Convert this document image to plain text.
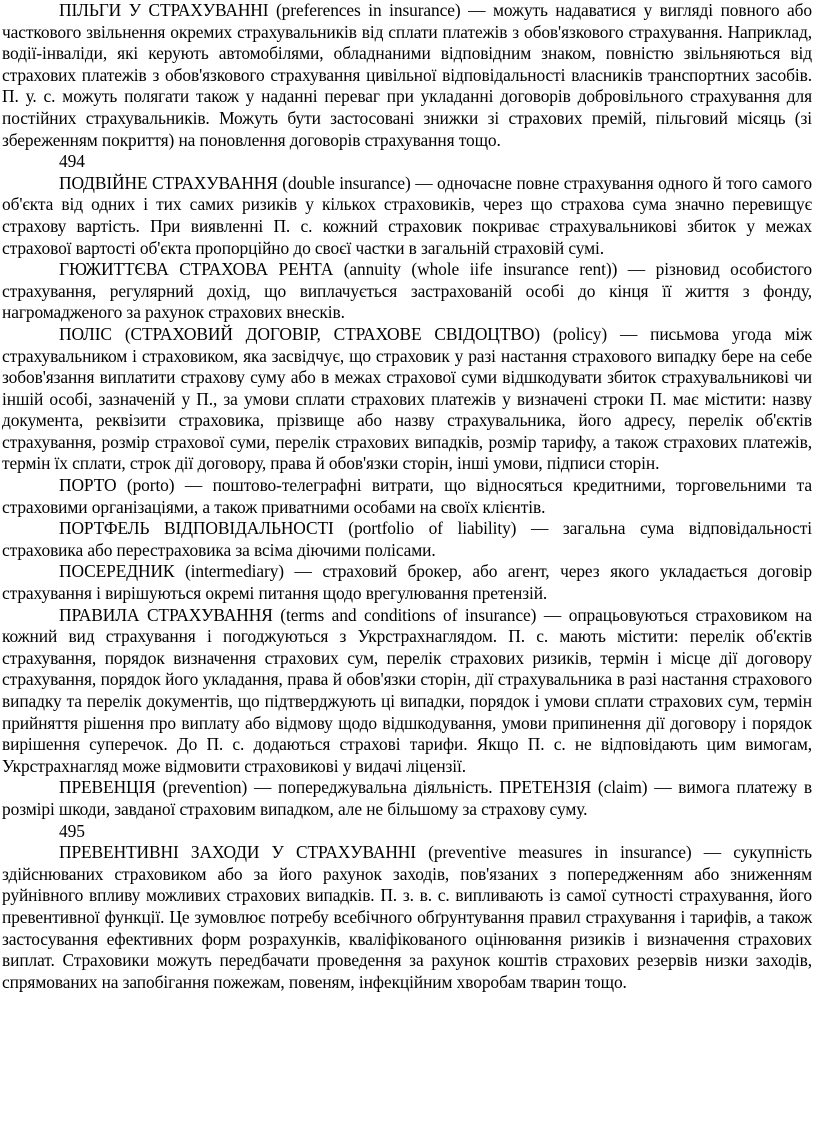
ПІЛЬГИ У СТРАХУВАННІ (preferences in insurance) — можуть надаватися у вигляді повного або часткового звільнення окремих страхувальників від сплати платежів з обов'язкового страхування. Наприклад, водії-інваліди, які керують автомобілями, обладнаними відповідним знаком, повністю звільняються від страхових платежів з обов'язкового страхування цивільної відповідальності власників транспортних засобів. П. у. с. можуть полягати також у наданні переваг при укладанні договорів добровільного страхування для постійних страхувальників. Можуть бути застосовані знижки зі страхових премій, пільговий місяць (зі збереженням покриття) на поновлення договорів страхування тощо.

494

ПОДВІЙНЕ СТРАХУВАННЯ (double insurance) — одночасне повне страхування одного й того самого об'єкта від одних і тих самих ризиків у кількох страховиків, через що страхова сума значно перевищує страхову вартість. При виявленні П. с. кожний страховик покриває страхувальникові збиток у межах страхової вартості об'єкта пропорційно до своєї частки в загальній страховій сумі.

ГЮЖИТТЄВА СТРАХОВА РЕНТА (annuity (whole iife insurance rent)) — різновид особистого страхування, регулярний дохід, що виплачується застрахованій особі до кінця її життя з фонду, нагромадженого за рахунок страхових внесків.

ПОЛІС (СТРАХОВИЙ ДОГОВІР, СТРАХОВЕ СВІДОЦТВО) (policy) — письмова угода між страхувальником і страховиком, яка засвідчує, що страховик у разі настання страхового випадку бере на себе зобов'язання виплатити страхову суму або в межах страхової суми відшкодувати збиток страхувальникові чи іншій особі, зазначеній у П., за умови сплати страхових платежів у визначені строки П. має містити: назву документа, реквізити страховика, прізвище або назву страхувальника, його адресу, перелік об'єктів страхування, розмір страхової суми, перелік страхових випадків, розмір тарифу, а також страхових платежів, термін їх сплати, строк дії договору, права й обов'язки сторін, інші умови, підписи сторін.

ПОРТО (porto) — поштово-телеграфні витрати, що відносяться кредитними, торговельними та страховими організаціями, а також приватними особами на своїх клієнтів.

ПОРТФЕЛЬ ВІДПОВІДАЛЬНОСТІ (portfolio of liability) — загальна сума відповідальності страховика або перестраховика за всіма діючими полісами.

ПОСЕРЕДНИК (intermediary) — страховий брокер, або агент, через якого укладається договір страхування і вирішуються окремі питання щодо врегулювання претензій.

ПРАВИЛА СТРАХУВАННЯ (terms and conditions of insurance) — опрацьовуються страховиком на кожний вид страхування і погоджуються з Укрстрахнаглядом. П. с. мають містити: перелік об'єктів страхування, порядок визначення страхових сум, перелік страхових ризиків, термін і місце дії договору страхування, порядок його укладання, права й обов'язки сторін, дії страхувальника в разі настання страхового випадку та перелік документів, що підтверджують ці випадки, порядок і умови сплати страхових сум, термін прийняття рішення про виплату або відмову щодо відшкодування, умови припинення дії договору і порядок вирішення суперечок. До П. с. додаються страхові тарифи. Якщо П. с. не відповідають цим вимогам, Укрстрахнагляд може відмовити страховикові у видачі ліцензії.

ПРЕВЕНЦІЯ (prevention) — попереджувальна діяльність. ПРЕТЕНЗІЯ (claim) — вимога платежу в розмірі шкоди, завданої страховим випадком, але не більшому за страхову суму.

495

ПРЕВЕНТИВНІ ЗАХОДИ У СТРАХУВАННІ (preventive measures in insurance) — сукупність здійснюваних страховиком або за його рахунок заходів, пов'язаних з попередженням або зниженням руйнівного впливу можливих страхових випадків. П. з. в. с. випливають із самої сутності страхування, його превентивної функції. Це зумовлює потребу всебічного обґрунтування правил страхування і тарифів, а також застосування ефективних форм розрахунків, кваліфікованого оцінювання ризиків і визначення страхових виплат. Страховики можуть передбачати проведення за рахунок коштів страхових резервів низки заходів, спрямованих на запобігання пожежам, повеням, інфекційним хворобам тварин тощо.
